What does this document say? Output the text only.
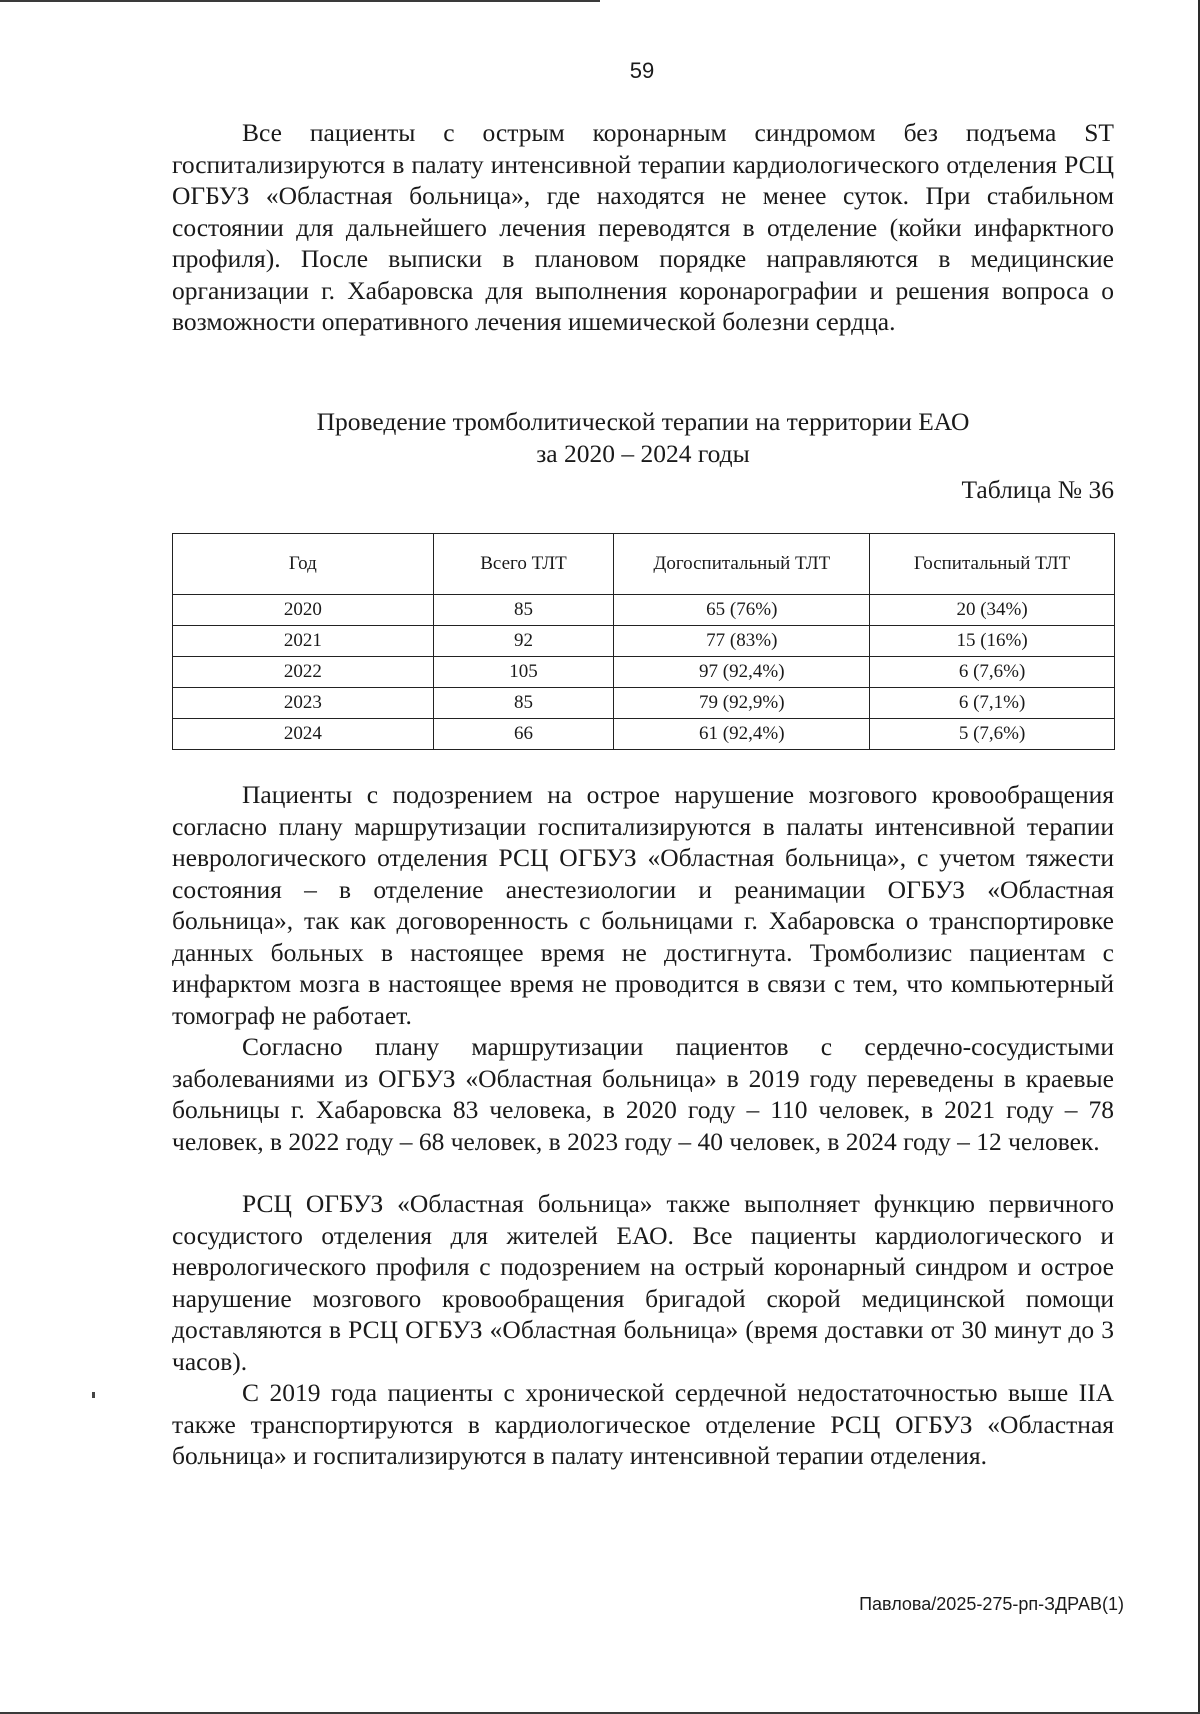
59

Все пациенты с острым коронарным синдромом без подъема ST госпитализируются в палату интенсивной терапии кардиологического отделения РСЦ ОГБУЗ «Областная больница», где находятся не менее суток. При стабильном состоянии для дальнейшего лечения переводятся в отделение (койки инфарктного профиля). После выписки в плановом порядке направляются в медицинские организации г. Хабаровска для выполнения коронарографии и решения вопроса о возможности оперативного лечения ишемической болезни сердца.

Проведение тромболитической терапии на территории ЕАО
за 2020 – 2024 годы
Таблица № 36
Год	Всего ТЛТ	Догоспитальный ТЛТ	Госпитальный ТЛТ
2020	85	65 (76%)	20 (34%)
2021	92	77 (83%)	15 (16%)
2022	105	97 (92,4%)	6 (7,6%)
2023	85	79 (92,9%)	6 (7,1%)
2024	66	61 (92,4%)	5 (7,6%)

Пациенты с подозрением на острое нарушение мозгового кровообращения согласно плану маршрутизации госпитализируются в палаты интенсивной терапии неврологического отделения РСЦ ОГБУЗ «Областная больница», с учетом тяжести состояния – в отделение анестезиологии и реанимации ОГБУЗ «Областная больница», так как договоренность с больницами г. Хабаровска о транспортировке данных больных в настоящее время не достигнута. Тромболизис пациентам с инфарктом мозга в настоящее время не проводится в связи с тем, что компьютерный томограф не работает.

Согласно плану маршрутизации пациентов с сердечно-сосудистыми заболеваниями из ОГБУЗ «Областная больница» в 2019 году переведены в краевые больницы г. Хабаровска 83 человека, в 2020 году – 110 человек, в 2021 году – 78 человек, в 2022 году – 68 человек, в 2023 году – 40 человек, в 2024 году – 12 человек.

РСЦ ОГБУЗ «Областная больница» также выполняет функцию первичного сосудистого отделения для жителей ЕАО. Все пациенты кардиологического и неврологического профиля с подозрением на острый коронарный синдром и острое нарушение мозгового кровообращения бригадой скорой медицинской помощи доставляются в РСЦ ОГБУЗ «Областная больница» (время доставки от 30 минут до 3 часов).

С 2019 года пациенты с хронической сердечной недостаточностью выше IIA также транспортируются в кардиологическое отделение РСЦ ОГБУЗ «Областная больница» и госпитализируются в палату интенсивной терапии отделения.

Павлова/2025-275-рп-ЗДРАВ(1)
